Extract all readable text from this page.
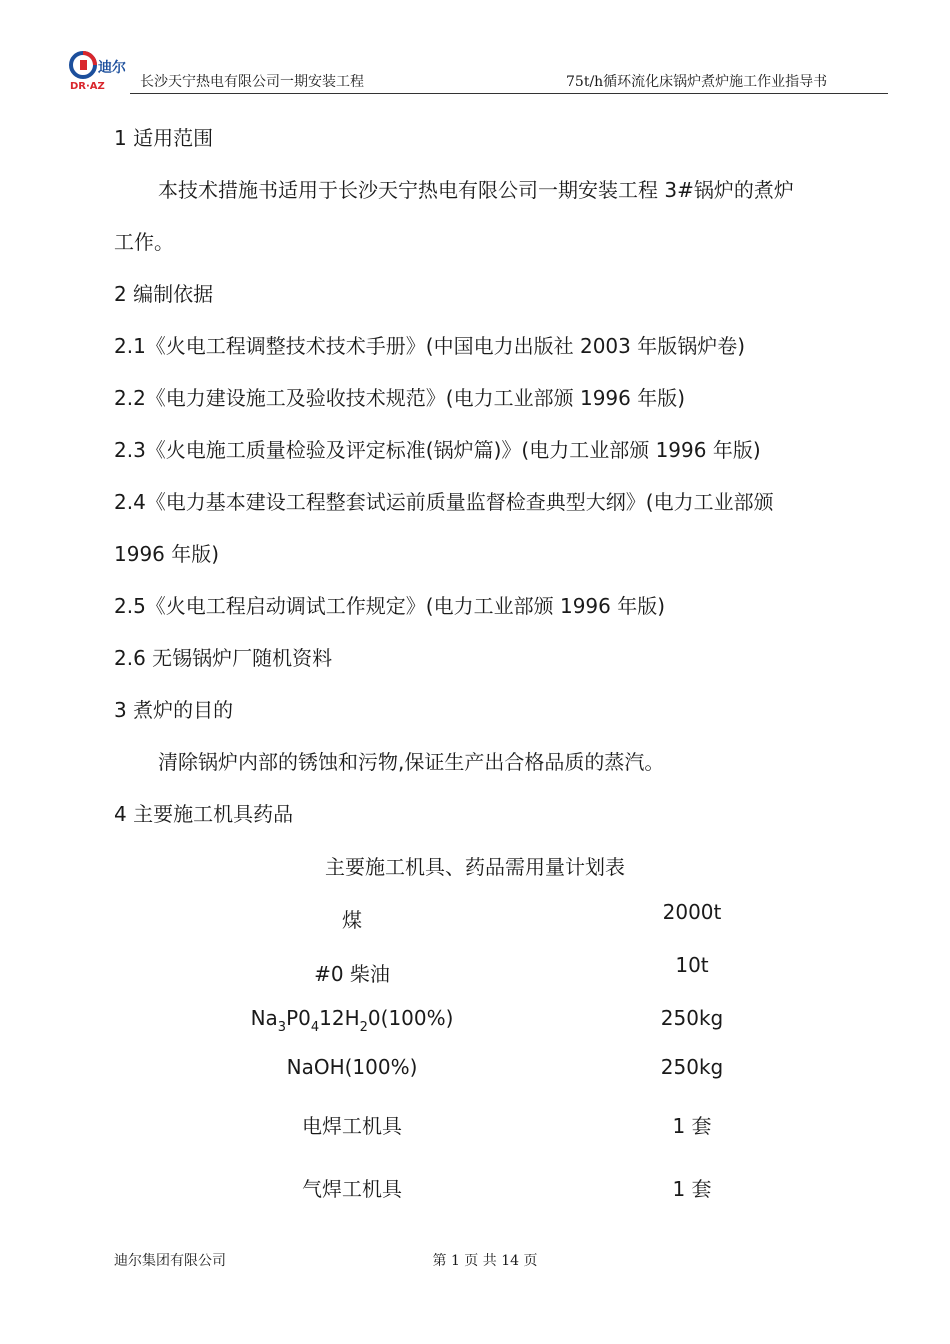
迪尔
DR·AZ	长沙天宁热电有限公司一期安装工程	75t/h循环流化床锅炉煮炉施工作业指导书
1 适用范围
本技术措施书适用于长沙天宁热电有限公司一期安装工程 3#锅炉的煮炉
工作。
2 编制依据
2.1《火电工程调整技术技术手册》(中国电力出版社 2003 年版锅炉卷)
2.2《电力建设施工及验收技术规范》(电力工业部颁 1996 年版)
2.3《火电施工质量检验及评定标准(锅炉篇)》(电力工业部颁 1996 年版)
2.4《电力基本建设工程整套试运前质量监督检查典型大纲》(电力工业部颁
1996 年版)
2.5《火电工程启动调试工作规定》(电力工业部颁 1996 年版)
2.6 无锡锅炉厂随机资料
3 煮炉的目的
清除锅炉内部的锈蚀和污物,保证生产出合格品质的蒸汽。
4 主要施工机具药品
主要施工机具、药品需用量计划表
煤	2000t
#0 柴油	10t
$Na_3P0_412H_20(100\%)$	250kg
NaOH(100%)	250kg
电焊工机具	1 套
气焊工机具	1 套
迪尔集团有限公司	第 1 页 共 14 页
